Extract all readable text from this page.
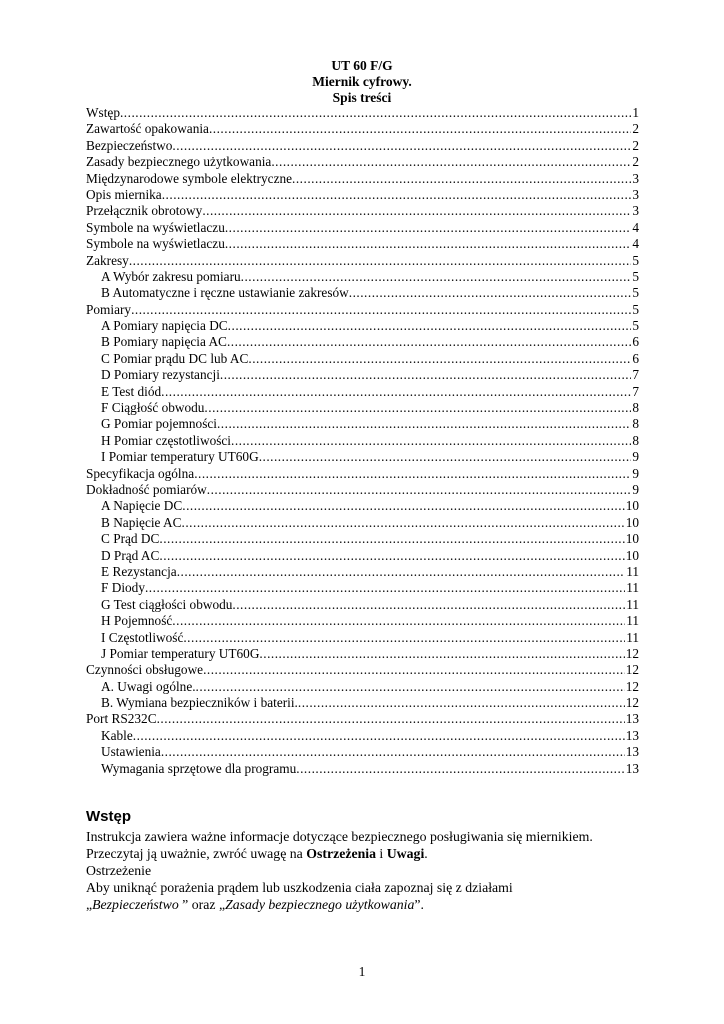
UT 60 F/G
Miernik cyfrowy.
Spis treści
Wstęp .....	1
Zawartość opakowania .....	2
Bezpieczeństwo .....	2
Zasady bezpiecznego użytkowania .....	2
Międzynarodowe symbole elektryczne .....	3
Opis miernika .....	3
Przełącznik obrotowy .....	3
Symbole na wyświetlaczu .....	4
Symbole na wyświetlaczu .....	4
Zakresy .....	5
A Wybór zakresu pomiaru .....	5
B Automatyczne i ręczne ustawianie zakresów .....	5
Pomiary .....	5
A Pomiary napięcia DC .....	5
B Pomiary napięcia AC .....	6
C Pomiar prądu DC lub AC .....	6
D Pomiary rezystancji .....	7
E Test diód .....	7
F Ciągłość obwodu .....	8
G Pomiar pojemności .....	8
H Pomiar częstotliwości .....	8
I Pomiar temperatury UT60G .....	9
Specyfikacja ogólna .....	9
Dokładność pomiarów .....	9
A Napięcie DC .....	10
B Napięcie AC .....	10
C Prąd DC .....	10
D Prąd AC .....	10
E Rezystancja .....	11
F Diody .....	11
G Test ciągłości obwodu .....	11
H Pojemność .....	11
I Częstotliwość .....	11
J Pomiar temperatury UT60G .....	12
Czynności obsługowe .....	12
A. Uwagi ogólne. .....	12
B. Wymiana bezpieczników i baterii. .....	12
Port RS232C .....	13
Kable .....	13
Ustawienia .....	13
Wymagania sprzętowe dla programu .....	13
Wstęp

Instrukcja zawiera ważne informacje dotyczące bezpiecznego posługiwania się miernikiem.

Przeczytaj ją uważnie, zwróć uwagę na Ostrzeżenia i Uwagi.

Ostrzeżenie

Aby uniknąć porażenia prądem lub uszkodzenia ciała zapoznaj się z działami

„Bezpieczeństwo ” oraz „Zasady bezpiecznego użytkowania”.

1
